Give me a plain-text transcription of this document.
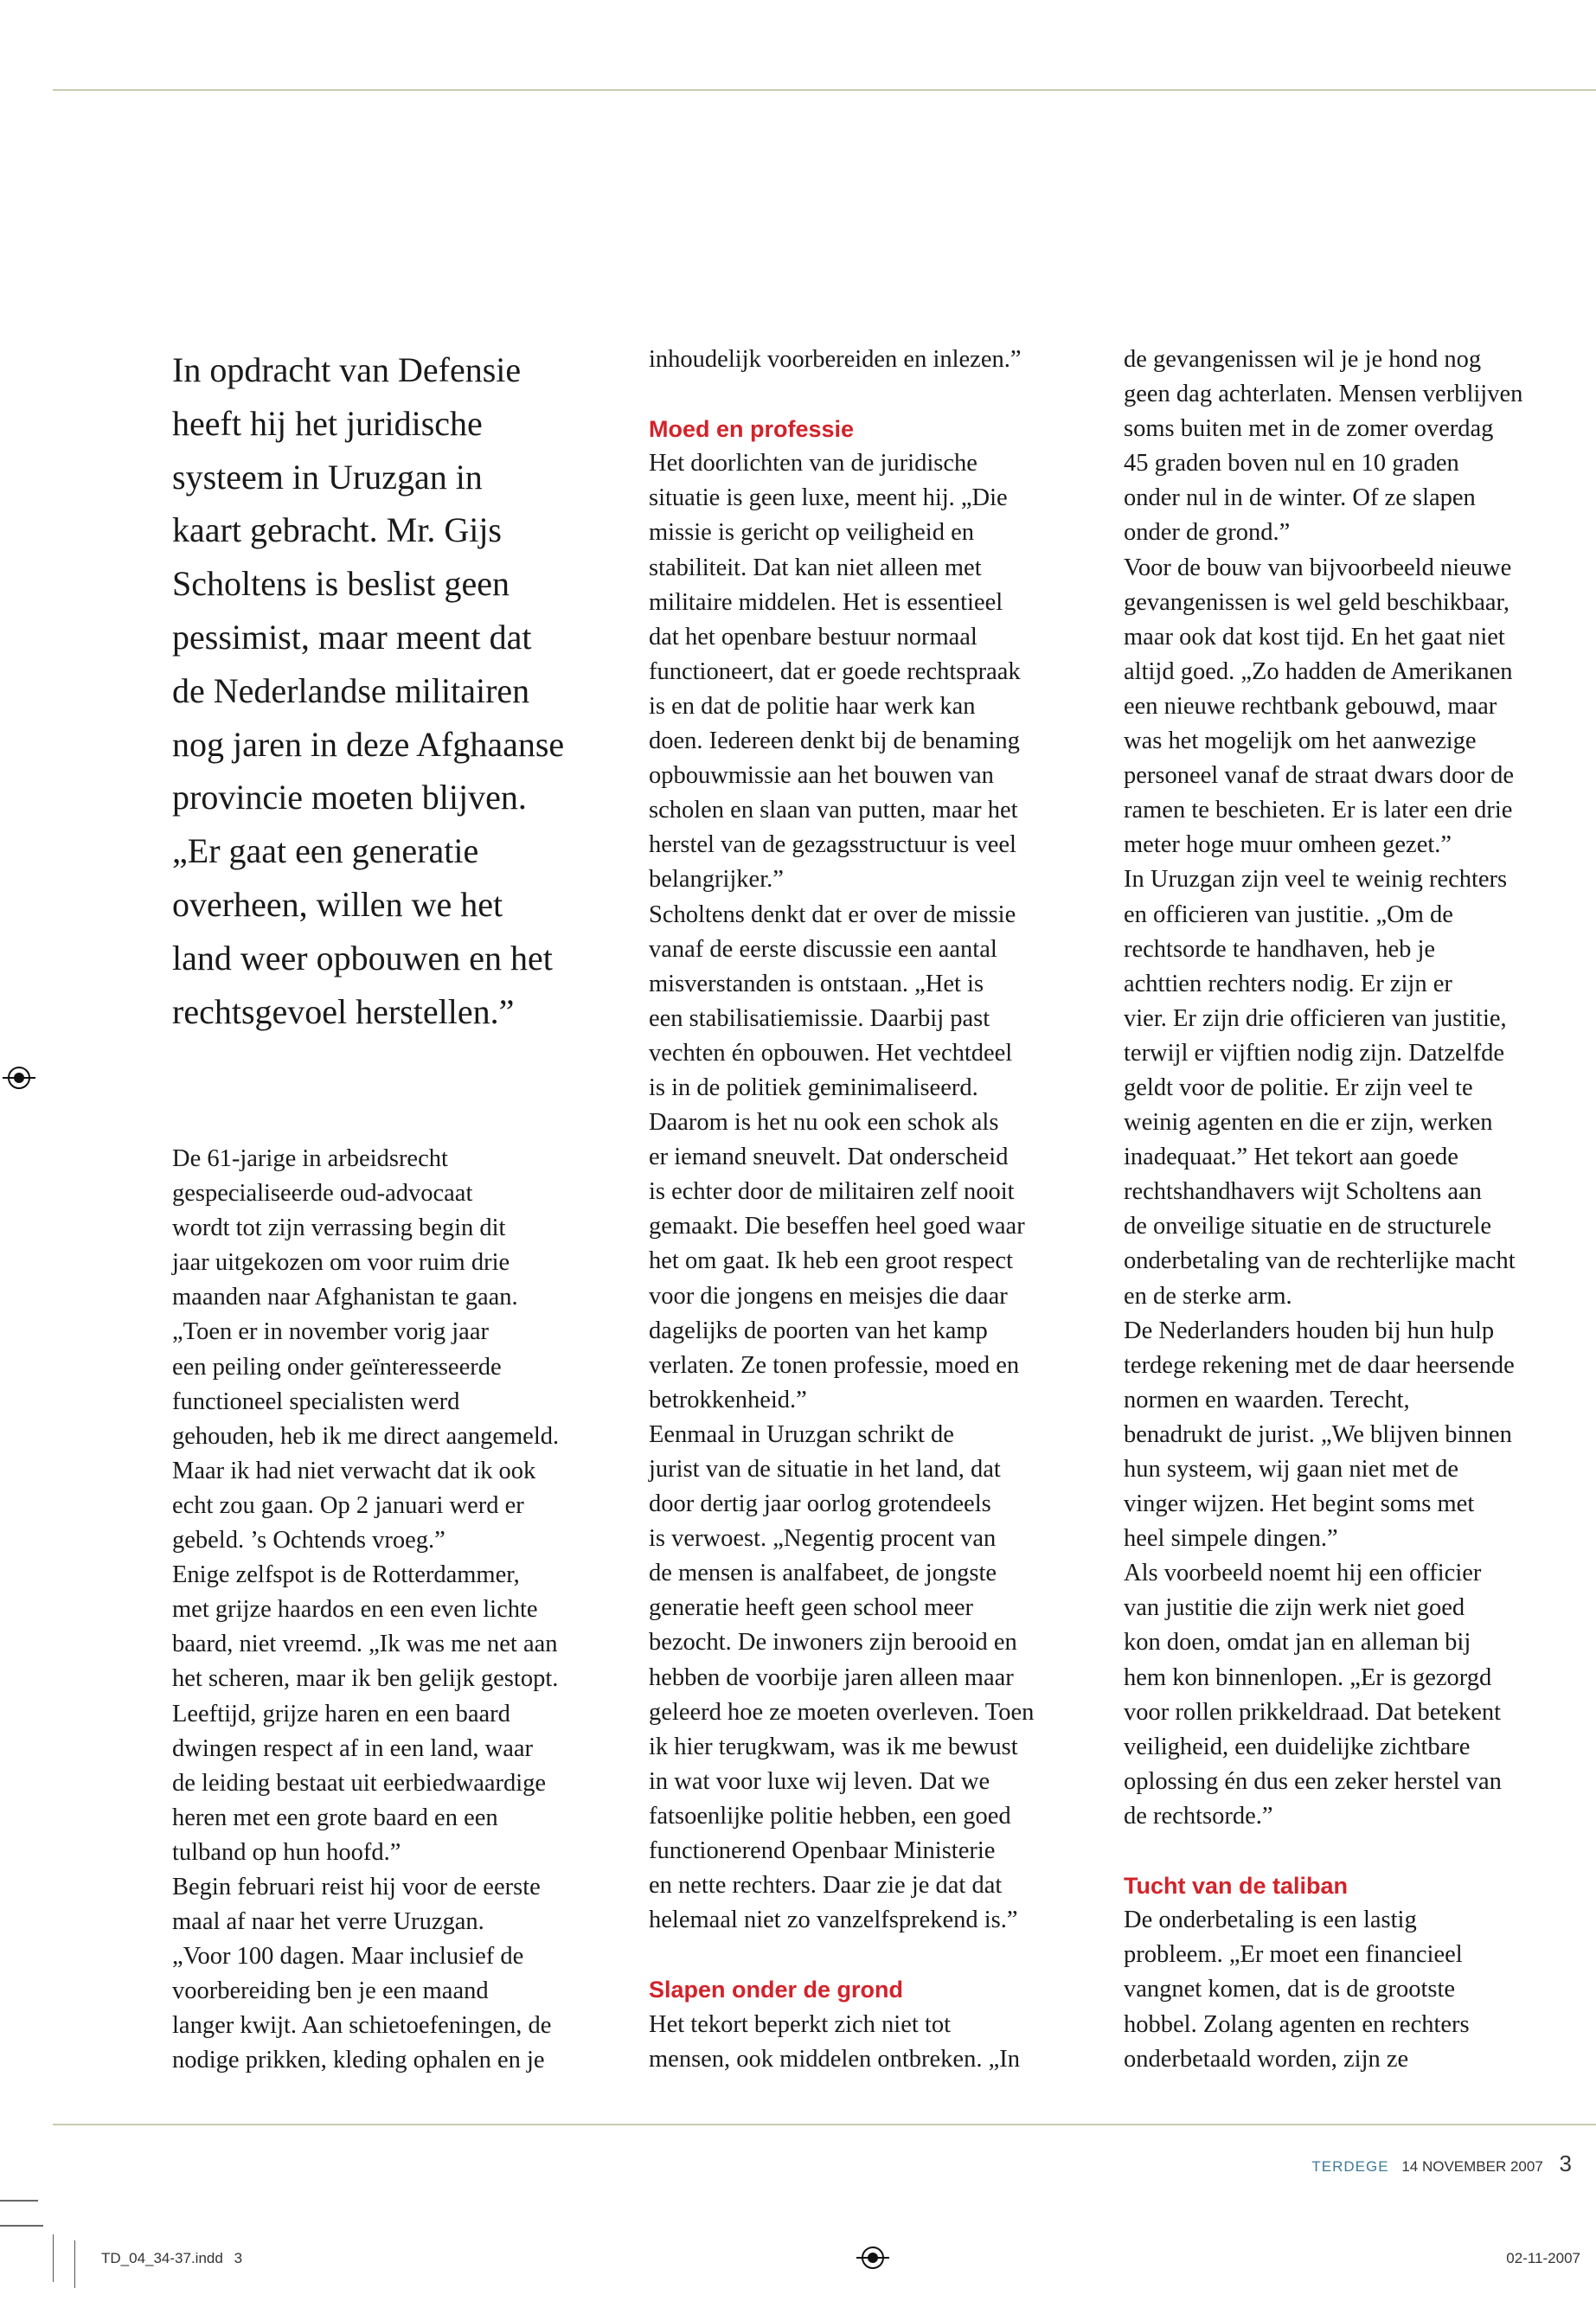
In opdracht van Defensie
heeft hij het juridische
systeem in Uruzgan in
kaart gebracht. Mr. Gijs
Scholtens is beslist geen
pessimist, maar meent dat
de Nederlandse militairen
nog jaren in deze Afghaanse
provincie moeten blijven.
„Er gaat een generatie
overheen, willen we het
land weer opbouwen en het
rechtsgevoel herstellen.”
De 61-jarige in arbeidsrecht
gespecialiseerde oud-advocaat
wordt tot zijn verrassing begin dit
jaar uitgekozen om voor ruim drie
maanden naar Afghanistan te gaan.
„Toen er in november vorig jaar
een peiling onder geïnteresseerde
functioneel specialisten werd
gehouden, heb ik me direct aangemeld.
Maar ik had niet verwacht dat ik ook
echt zou gaan. Op 2 januari werd er
gebeld. ’s Ochtends vroeg.”
Enige zelfspot is de Rotterdammer,
met grijze haardos en een even lichte
baard, niet vreemd. „Ik was me net aan
het scheren, maar ik ben gelijk gestopt.
Leeftijd, grijze haren en een baard
dwingen respect af in een land, waar
de leiding bestaat uit eerbiedwaardige
heren met een grote baard en een
tulband op hun hoofd.”
Begin februari reist hij voor de eerste
maal af naar het verre Uruzgan.
„Voor 100 dagen. Maar inclusief de
voorbereiding ben je een maand
langer kwijt. Aan schietoefeningen, de
nodige prikken, kleding ophalen en je
inhoudelijk voorbereiden en inlezen.”
Moed en professie
Het doorlichten van de juridische
situatie is geen luxe, meent hij. „Die
missie is gericht op veiligheid en
stabiliteit. Dat kan niet alleen met
militaire middelen. Het is essentieel
dat het openbare bestuur normaal
functioneert, dat er goede rechtspraak
is en dat de politie haar werk kan
doen. Iedereen denkt bij de benaming
opbouwmissie aan het bouwen van
scholen en slaan van putten, maar het
herstel van de gezagsstructuur is veel
belangrijker.”
Scholtens denkt dat er over de missie
vanaf de eerste discussie een aantal
misverstanden is ontstaan. „Het is
een stabilisatiemissie. Daarbij past
vechten én opbouwen. Het vechtdeel
is in de politiek geminimaliseerd.
Daarom is het nu ook een schok als
er iemand sneuvelt. Dat onderscheid
is echter door de militairen zelf nooit
gemaakt. Die beseffen heel goed waar
het om gaat. Ik heb een groot respect
voor die jongens en meisjes die daar
dagelijks de poorten van het kamp
verlaten. Ze tonen professie, moed en
betrokkenheid.”
Eenmaal in Uruzgan schrikt de
jurist van de situatie in het land, dat
door dertig jaar oorlog grotendeels
is verwoest. „Negentig procent van
de mensen is analfabeet, de jongste
generatie heeft geen school meer
bezocht. De inwoners zijn berooid en
hebben de voorbije jaren alleen maar
geleerd hoe ze moeten overleven. Toen
ik hier terugkwam, was ik me bewust
in wat voor luxe wij leven. Dat we
fatsoenlijke politie hebben, een goed
functionerend Openbaar Ministerie
en nette rechters. Daar zie je dat dat
helemaal niet zo vanzelfsprekend is.”
Slapen onder de grond
Het tekort beperkt zich niet tot
mensen, ook middelen ontbreken. „In
de gevangenissen wil je je hond nog
geen dag achterlaten. Mensen verblijven
soms buiten met in de zomer overdag
45 graden boven nul en 10 graden
onder nul in de winter. Of ze slapen
onder de grond.”
Voor de bouw van bijvoorbeeld nieuwe
gevangenissen is wel geld beschikbaar,
maar ook dat kost tijd. En het gaat niet
altijd goed. „Zo hadden de Amerikanen
een nieuwe rechtbank gebouwd, maar
was het mogelijk om het aanwezige
personeel vanaf de straat dwars door de
ramen te beschieten. Er is later een drie
meter hoge muur omheen gezet.”
In Uruzgan zijn veel te weinig rechters
en officieren van justitie. „Om de
rechtsorde te handhaven, heb je
achttien rechters nodig. Er zijn er
vier. Er zijn drie officieren van justitie,
terwijl er vijftien nodig zijn. Datzelfde
geldt voor de politie. Er zijn veel te
weinig agenten en die er zijn, werken
inadequaat.” Het tekort aan goede
rechtshandhavers wijt Scholtens aan
de onveilige situatie en de structurele
onderbetaling van de rechterlijke macht
en de sterke arm.
De Nederlanders houden bij hun hulp
terdege rekening met de daar heersende
normen en waarden. Terecht,
benadrukt de jurist. „We blijven binnen
hun systeem, wij gaan niet met de
vinger wijzen. Het begint soms met
heel simpele dingen.”
Als voorbeeld noemt hij een officier
van justitie die zijn werk niet goed
kon doen, omdat jan en alleman bij
hem kon binnenlopen. „Er is gezorgd
voor rollen prikkeldraad. Dat betekent
veiligheid, een duidelijke zichtbare
oplossing én dus een zeker herstel van
de rechtsorde.”
Tucht van de taliban
De onderbetaling is een lastig
probleem. „Er moet een financieel
vangnet komen, dat is de grootste
hobbel. Zolang agenten en rechters
onderbetaald worden, zijn ze
TERDEGE 14 NOVEMBER 2007 3
TD_04_34-37.indd 3	02-11-2007
